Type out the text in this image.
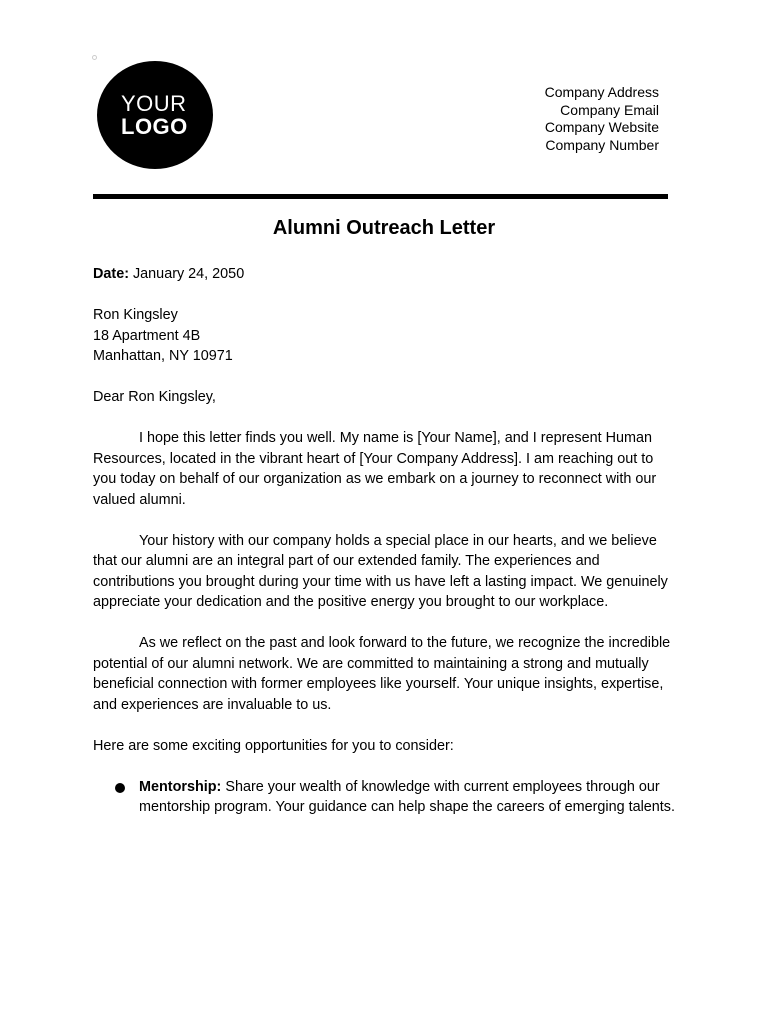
YOUR
LOGO
Company Address
Company Email
Company Website
Company Number
Alumni Outreach Letter

Date: January 24, 2050

Ron Kingsley
18 Apartment 4B
Manhattan, NY 10971

Dear Ron Kingsley,

I hope this letter finds you well. My name is [Your Name], and I represent Human Resources, located in the vibrant heart of [Your Company Address]. I am reaching out to you today on behalf of our organization as we embark on a journey to reconnect with our valued alumni.

Your history with our company holds a special place in our hearts, and we believe that our alumni are an integral part of our extended family. The experiences and contributions you brought during your time with us have left a lasting impact. We genuinely appreciate your dedication and the positive energy you brought to our workplace.

As we reflect on the past and look forward to the future, we recognize the incredible potential of our alumni network. We are committed to maintaining a strong and mutually beneficial connection with former employees like yourself. Your unique insights, expertise, and experiences are invaluable to us.

Here are some exciting opportunities for you to consider:

Mentorship: Share your wealth of knowledge with current employees through our mentorship program. Your guidance can help shape the careers of emerging talents.
